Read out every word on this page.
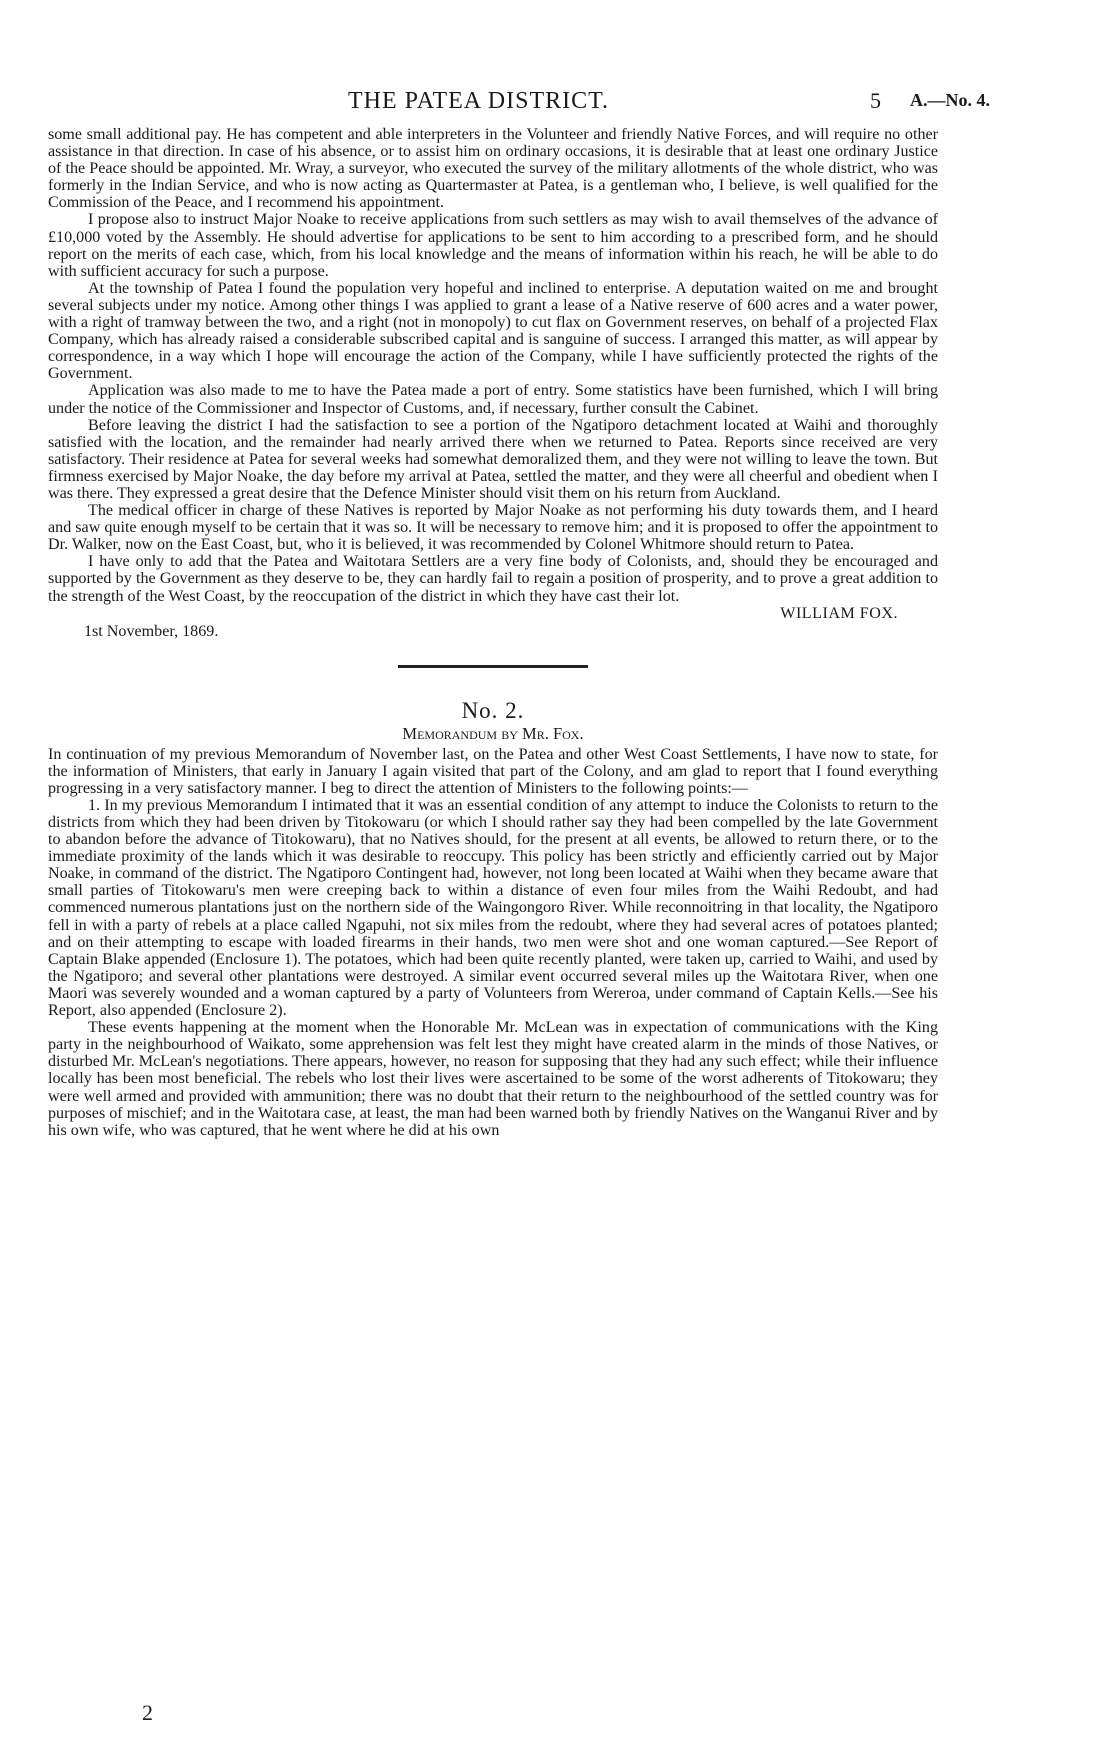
THE PATEA DISTRICT.	5 A.—No. 4.

some small additional pay. He has competent and able interpreters in the Volunteer and friendly Native Forces, and will require no other assistance in that direction. In case of his absence, or to assist him on ordinary occasions, it is desirable that at least one ordinary Justice of the Peace should be appointed. Mr. Wray, a surveyor, who executed the survey of the military allotments of the whole district, who was formerly in the Indian Service, and who is now acting as Quartermaster at Patea, is a gentleman who, I believe, is well qualified for the Commission of the Peace, and I recommend his appointment.

I propose also to instruct Major Noake to receive applications from such settlers as may wish to avail themselves of the advance of £10,000 voted by the Assembly. He should advertise for applications to be sent to him according to a prescribed form, and he should report on the merits of each case, which, from his local knowledge and the means of information within his reach, he will be able to do with sufficient accuracy for such a purpose.

At the township of Patea I found the population very hopeful and inclined to enterprise. A deputation waited on me and brought several subjects under my notice. Among other things I was applied to grant a lease of a Native reserve of 600 acres and a water power, with a right of tramway between the two, and a right (not in monopoly) to cut flax on Government reserves, on behalf of a projected Flax Company, which has already raised a considerable subscribed capital and is sanguine of success. I arranged this matter, as will appear by correspondence, in a way which I hope will encourage the action of the Company, while I have sufficiently protected the rights of the Government.

Application was also made to me to have the Patea made a port of entry. Some statistics have been furnished, which I will bring under the notice of the Commissioner and Inspector of Customs, and, if necessary, further consult the Cabinet.

Before leaving the district I had the satisfaction to see a portion of the Ngatiporo detachment located at Waihi and thoroughly satisfied with the location, and the remainder had nearly arrived there when we returned to Patea. Reports since received are very satisfactory. Their residence at Patea for several weeks had somewhat demoralized them, and they were not willing to leave the town. But firmness exercised by Major Noake, the day before my arrival at Patea, settled the matter, and they were all cheerful and obedient when I was there. They expressed a great desire that the Defence Minister should visit them on his return from Auckland.

The medical officer in charge of these Natives is reported by Major Noake as not performing his duty towards them, and I heard and saw quite enough myself to be certain that it was so. It will be necessary to remove him; and it is proposed to offer the appointment to Dr. Walker, now on the East Coast, but, who it is believed, it was recommended by Colonel Whitmore should return to Patea.

I have only to add that the Patea and Waitotara Settlers are a very fine body of Colonists, and, should they be encouraged and supported by the Government as they deserve to be, they can hardly fail to regain a position of prosperity, and to prove a great addition to the strength of the West Coast, by the reoccupation of the district in which they have cast their lot.

WILLIAM FOX.
1st November, 1869.
No. 2.
Memorandum by Mr. Fox.

In continuation of my previous Memorandum of November last, on the Patea and other West Coast Settlements, I have now to state, for the information of Ministers, that early in January I again visited that part of the Colony, and am glad to report that I found everything progressing in a very satisfactory manner. I beg to direct the attention of Ministers to the following points:—

1. In my previous Memorandum I intimated that it was an essential condition of any attempt to induce the Colonists to return to the districts from which they had been driven by Titokowaru (or which I should rather say they had been compelled by the late Government to abandon before the advance of Titokowaru), that no Natives should, for the present at all events, be allowed to return there, or to the immediate proximity of the lands which it was desirable to reoccupy. This policy has been strictly and efficiently carried out by Major Noake, in command of the district. The Ngatiporo Contingent had, however, not long been located at Waihi when they became aware that small parties of Titokowaru's men were creeping back to within a distance of even four miles from the Waihi Redoubt, and had commenced numerous plantations just on the northern side of the Waingongoro River. While reconnoitring in that locality, the Ngatiporo fell in with a party of rebels at a place called Ngapuhi, not six miles from the redoubt, where they had several acres of potatoes planted; and on their attempting to escape with loaded firearms in their hands, two men were shot and one woman captured.—See Report of Captain Blake appended (Enclosure 1). The potatoes, which had been quite recently planted, were taken up, carried to Waihi, and used by the Ngatiporo; and several other plantations were destroyed. A similar event occurred several miles up the Waitotara River, when one Maori was severely wounded and a woman captured by a party of Volunteers from Wereroa, under command of Captain Kells.—See his Report, also appended (Enclosure 2).

These events happening at the moment when the Honorable Mr. McLean was in expectation of communications with the King party in the neighbourhood of Waikato, some apprehension was felt lest they might have created alarm in the minds of those Natives, or disturbed Mr. McLean's negotiations. There appears, however, no reason for supposing that they had any such effect; while their influence locally has been most beneficial. The rebels who lost their lives were ascertained to be some of the worst adherents of Titokowaru; they were well armed and provided with ammunition; there was no doubt that their return to the neighbourhood of the settled country was for purposes of mischief; and in the Waitotara case, at least, the man had been warned both by friendly Natives on the Wanganui River and by his own wife, who was captured, that he went where he did at his own

2
